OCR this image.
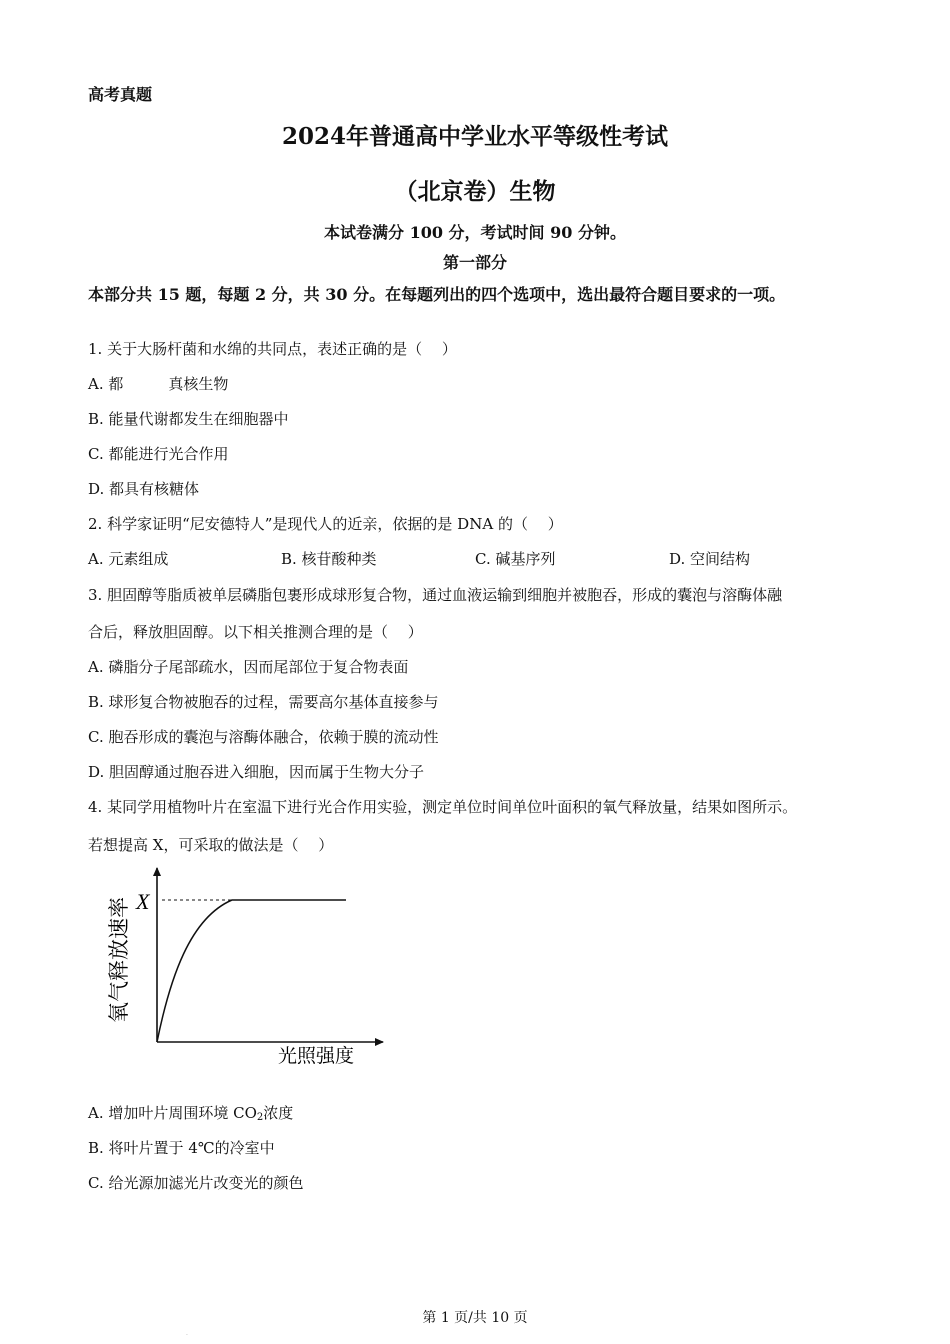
高考真题
2024年普通高中学业水平等级性考试
（北京卷）生物
本试卷满分 100 分，考试时间 90 分钟。
第一部分
本部分共 15 题，每题 2 分，共 30 分。在每题列出的四个选项中，选出最符合题目要求的一项。
1. 关于大肠杆菌和水绵的共同点，表述正确的是（　 ）
A. 都　　　真核生物
B. 能量代谢都发生在细胞器中
C. 都能进行光合作用
D. 都具有核糖体
2. 科学家证明“尼安德特人”是现代人的近亲，依据的是 DNA 的（　 ）
A. 元素组成	B. 核苷酸种类	C. 碱基序列	D. 空间结构
3. 胆固醇等脂质被单层磷脂包裹形成球形复合物，通过血液运输到细胞并被胞吞，形成的囊泡与溶酶体融
合后，释放胆固醇。以下相关推测合理的是（　 ）
A. 磷脂分子尾部疏水，因而尾部位于复合物表面
B. 球形复合物被胞吞的过程，需要高尔基体直接参与
C. 胞吞形成的囊泡与溶酶体融合，依赖于膜的流动性
D. 胆固醇通过胞吞进入细胞，因而属于生物大分子
4. 某同学用植物叶片在室温下进行光合作用实验，测定单位时间单位叶面积的氧气释放量，结果如图所示。
若想提高 X，可采取的做法是（　 ）
X
氧气释放速率
光照强度
A. 增加叶片周围环境 $CO_2$浓度
B. 将叶片置于 4℃的冷室中
C. 给光源加滤光片改变光的颜色
第 1 页/共 10 页
.
